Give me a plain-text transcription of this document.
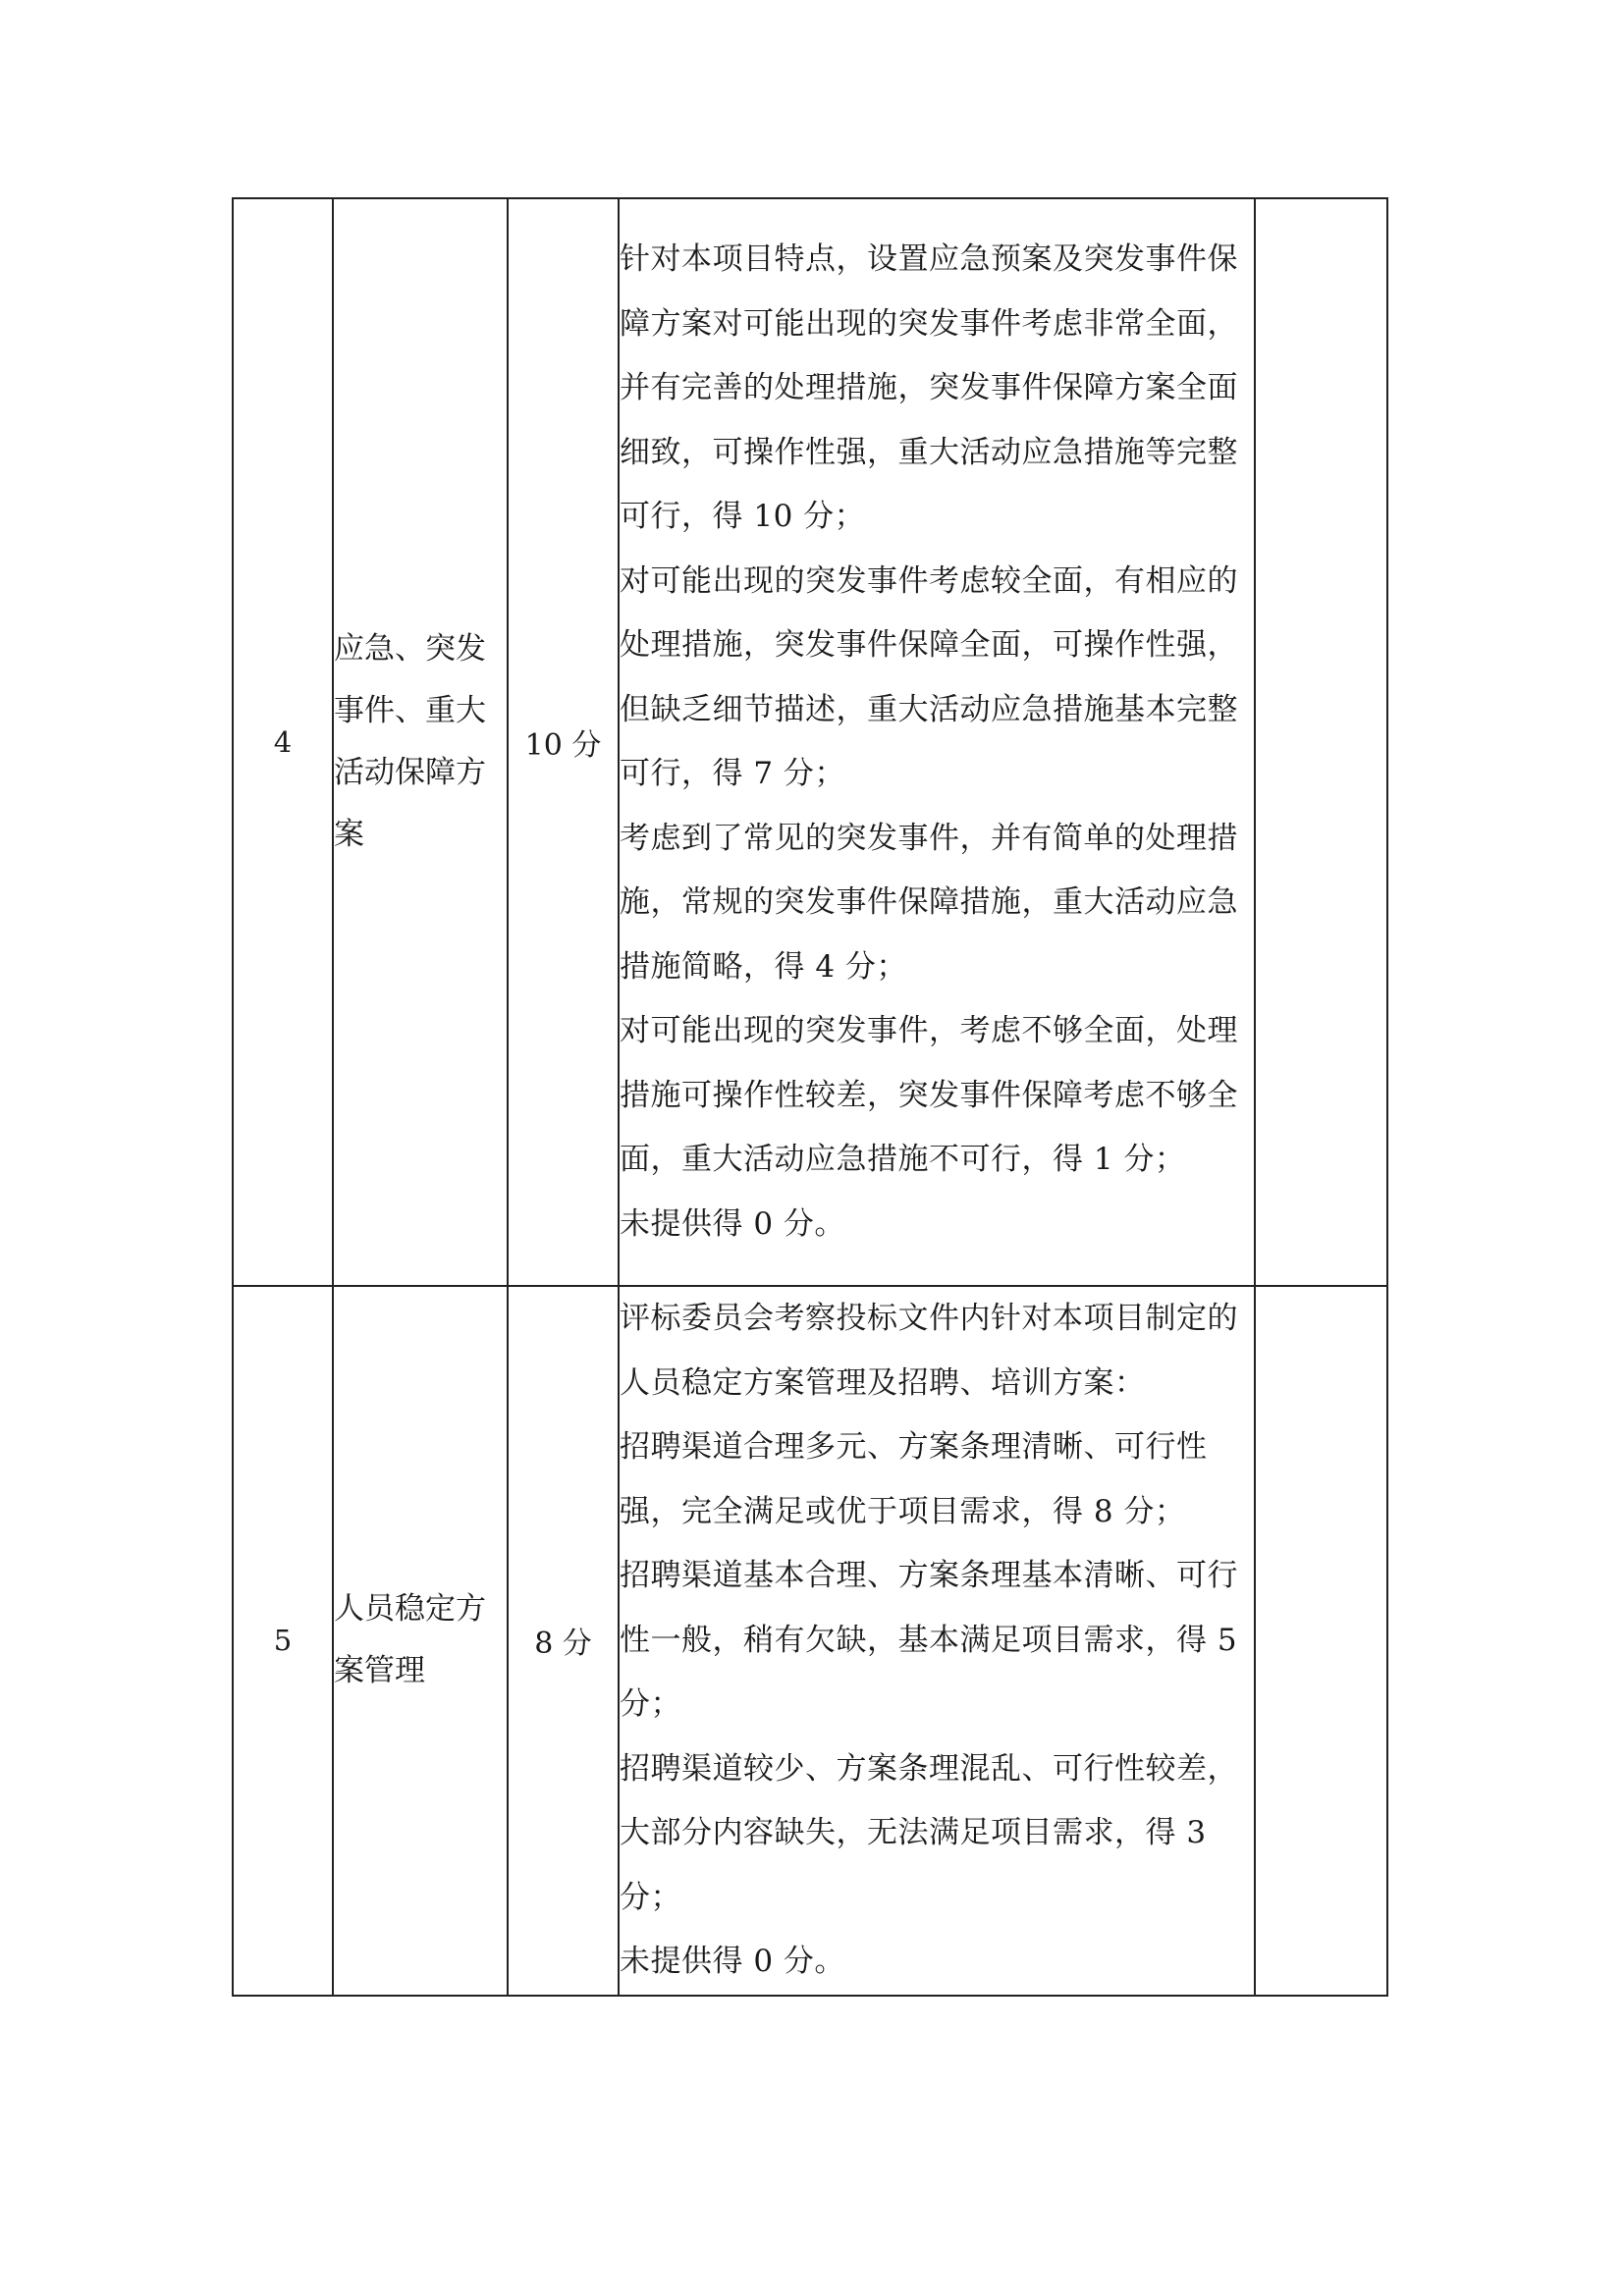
4	应急、突发事件、重大活动保障方案	10 分	针对本项目特点，设置应急预案及突发事件保障方案对可能出现的突发事件考虑非常全面，并有完善的处理措施，突发事件保障方案全面细致，可操作性强，重大活动应急措施等完整可行，得 10 分；

对可能出现的突发事件考虑较全面，有相应的处理措施，突发事件保障全面，可操作性强，但缺乏细节描述，重大活动应急措施基本完整可行，得 7 分；

考虑到了常见的突发事件，并有简单的处理措施，常规的突发事件保障措施，重大活动应急措施简略，得 4 分；

对可能出现的突发事件，考虑不够全面，处理措施可操作性较差，突发事件保障考虑不够全面，重大活动应急措施不可行，得 1 分；

未提供得 0 分。	

5	人员稳定方案管理	8 分	评标委员会考察投标文件内针对本项目制定的人员稳定方案管理及招聘、培训方案：

招聘渠道合理多元、方案条理清晰、可行性强，完全满足或优于项目需求，得 8 分；

招聘渠道基本合理、方案条理基本清晰、可行性一般，稍有欠缺，基本满足项目需求，得 5 分；

招聘渠道较少、方案条理混乱、可行性较差，大部分内容缺失，无法满足项目需求，得 3 分；

未提供得 0 分。	
